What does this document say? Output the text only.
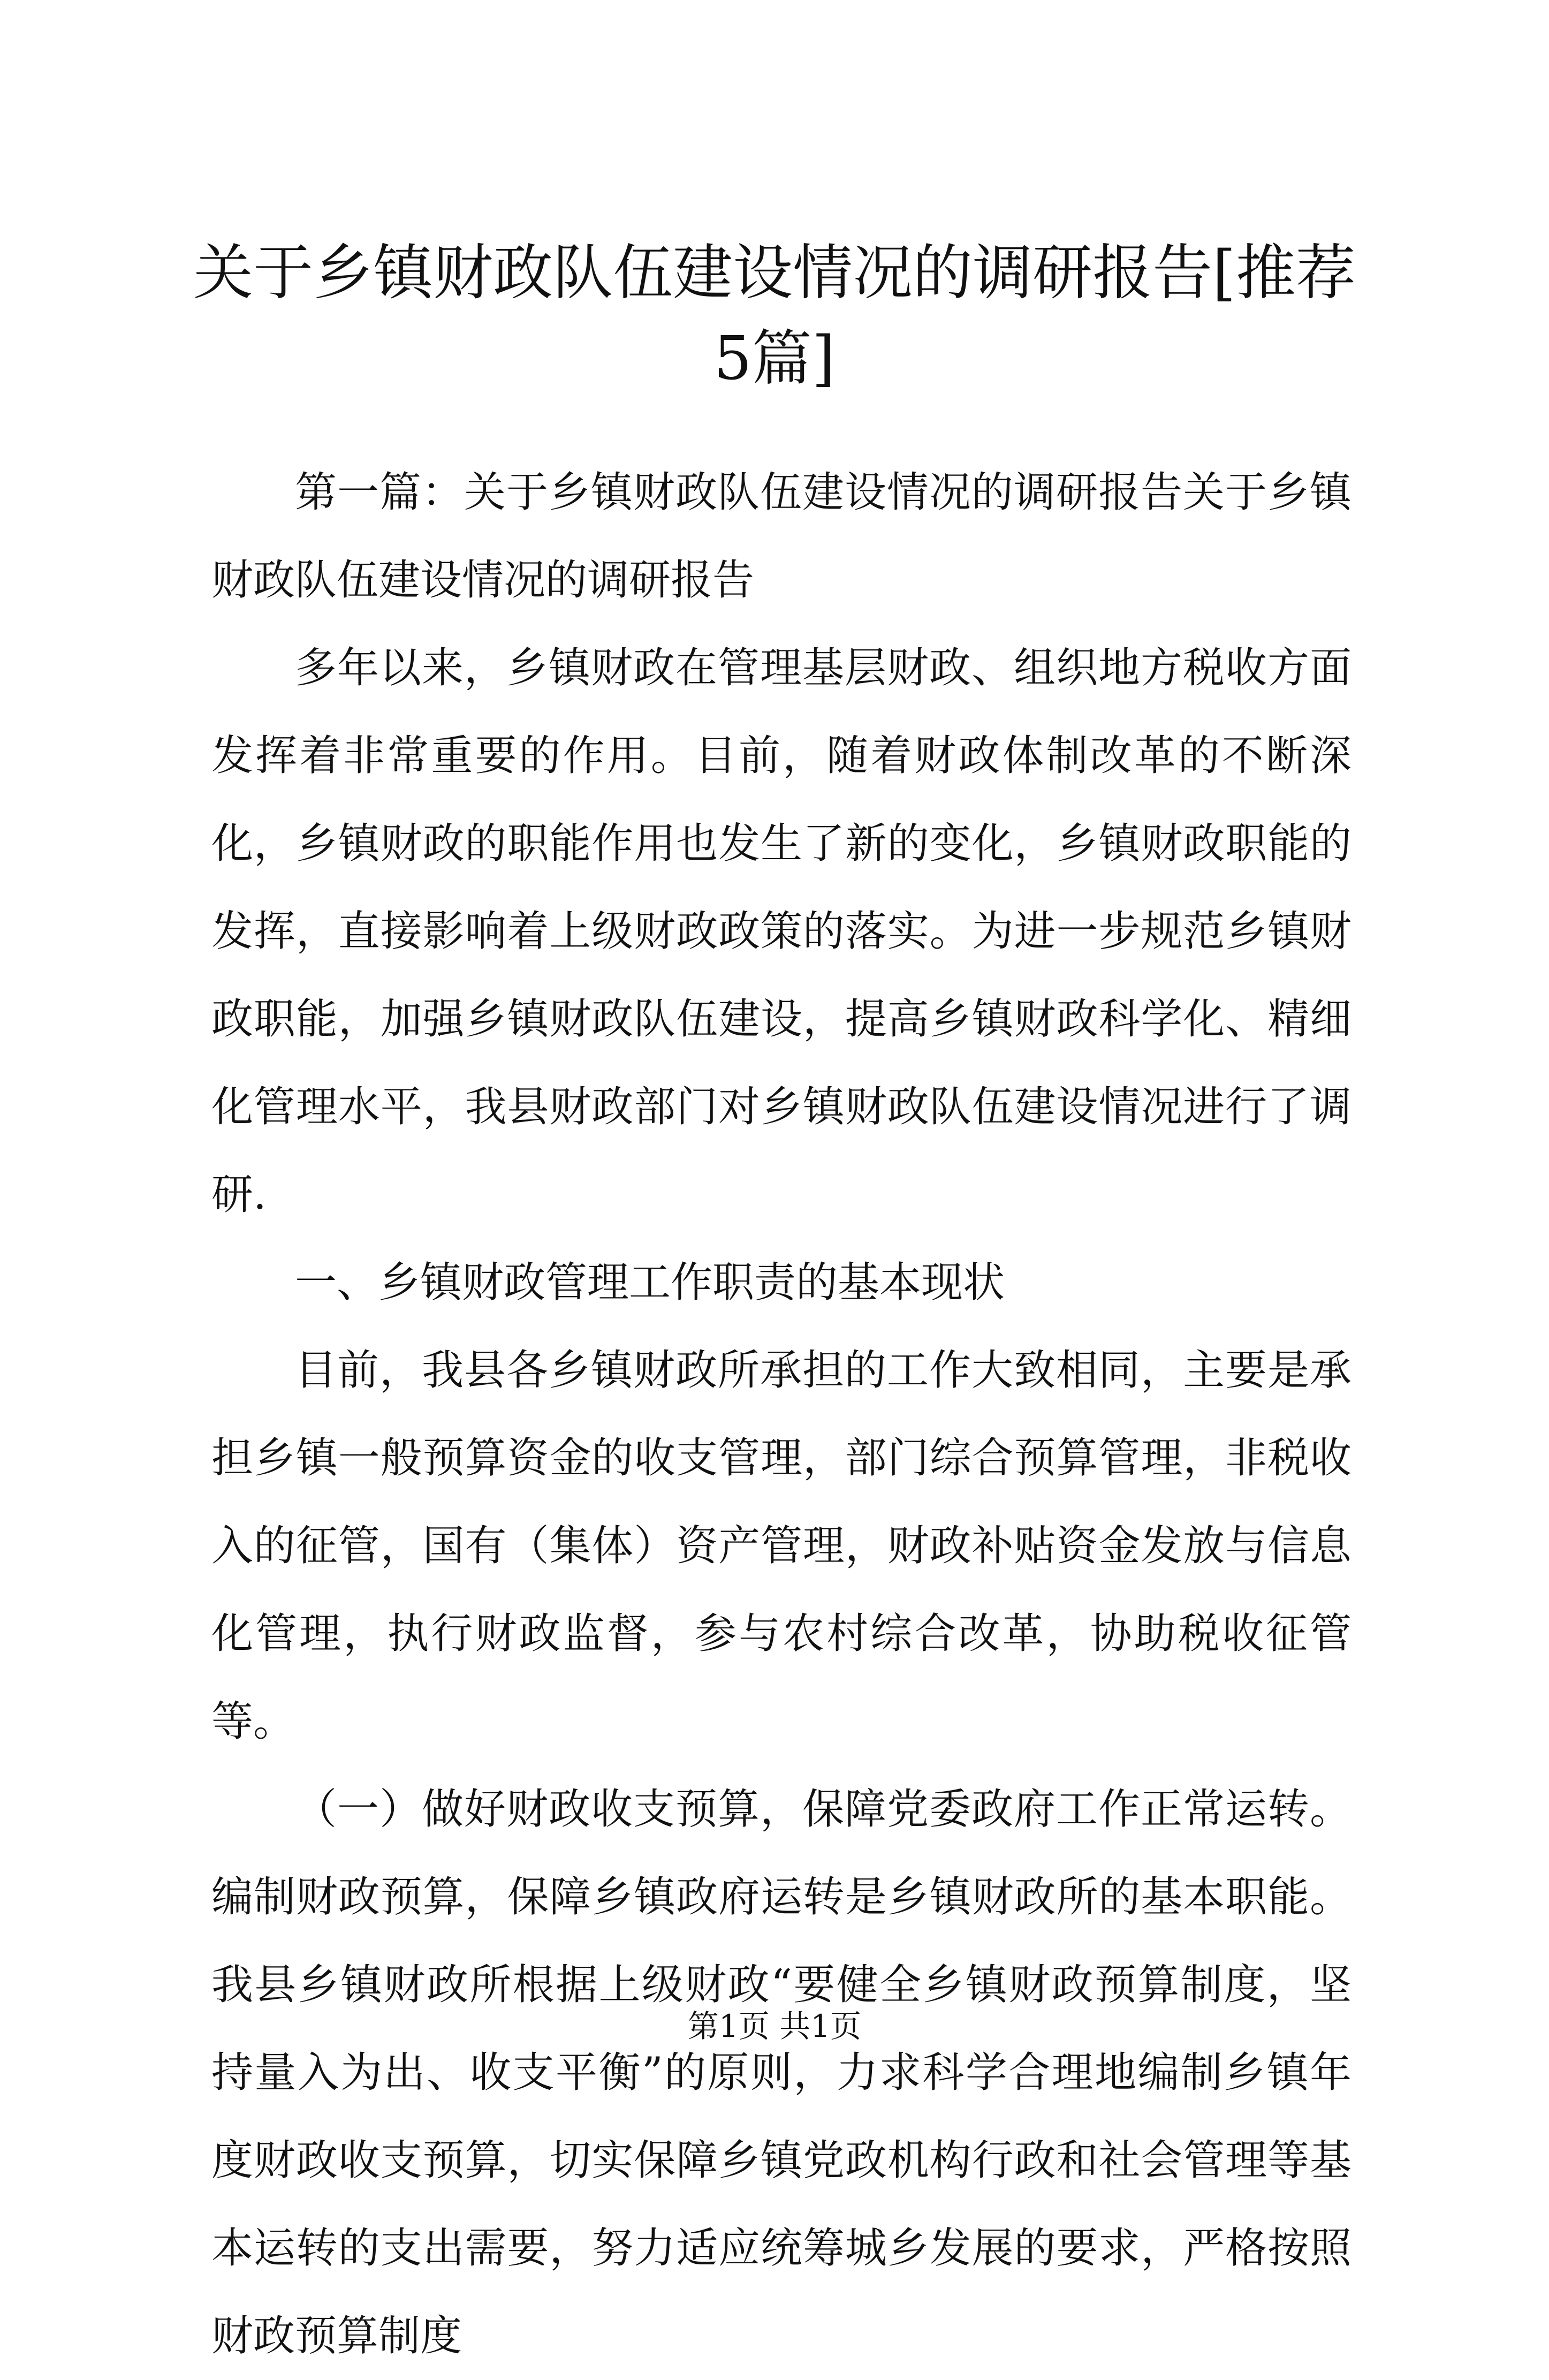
关于乡镇财政队伍建设情况的调研报告[推荐
5篇]

第一篇：关于乡镇财政队伍建设情况的调研报告关于乡镇财政队伍建设情况的调研报告

多年以来，乡镇财政在管理基层财政、组织地方税收方面发挥着非常重要的作用。目前，随着财政体制改革的不断深化，乡镇财政的职能作用也发生了新的变化，乡镇财政职能的发挥，直接影响着上级财政政策的落实。为进一步规范乡镇财政职能，加强乡镇财政队伍建设，提高乡镇财政科学化、精细化管理水平，我县财政部门对乡镇财政队伍建设情况进行了调研.

一、乡镇财政管理工作职责的基本现状

目前，我县各乡镇财政所承担的工作大致相同，主要是承担乡镇一般预算资金的收支管理，部门综合预算管理，非税收入的征管，国有（集体）资产管理，财政补贴资金发放与信息化管理，执行财政监督，参与农村综合改革，协助税收征管等。

（一）做好财政收支预算，保障党委政府工作正常运转。编制财政预算，保障乡镇政府运转是乡镇财政所的基本职能。我县乡镇财政所根据上级财政“要健全乡镇财政预算制度，坚持量入为出、收支平衡”的原则，力求科学合理地编制乡镇年度财政收支预算，切实保障乡镇党政机构行政和社会管理等基本运转的支出需要，努力适应统筹城乡发展的要求，严格按照财政预算制度

第1页 共1页
